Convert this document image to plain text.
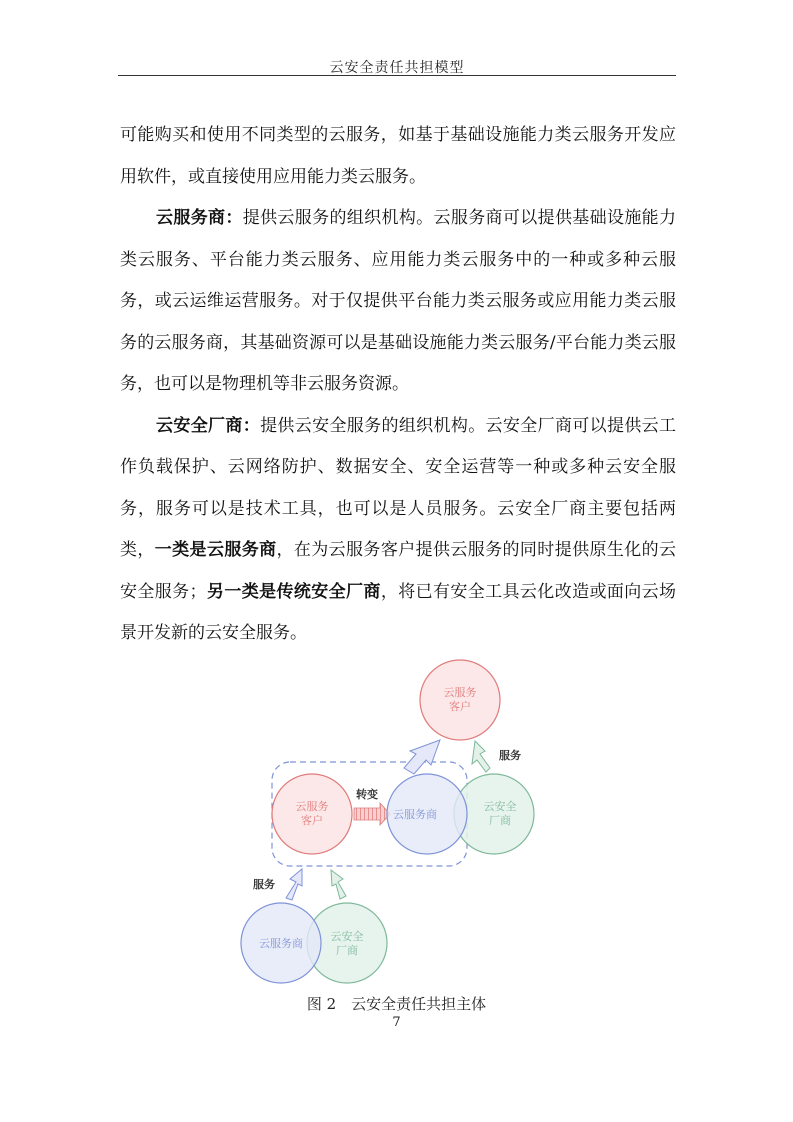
云安全责任共担模型

可能购买和使用不同类型的云服务，如基于基础设施能力类云服务开发应用软件，或直接使用应用能力类云服务。

云服务商：提供云服务的组织机构。云服务商可以提供基础设施能力类云服务、平台能力类云服务、应用能力类云服务中的一种或多种云服务，或云运维运营服务。对于仅提供平台能力类云服务或应用能力类云服务的云服务商，其基础资源可以是基础设施能力类云服务/平台能力类云服务，也可以是物理机等非云服务资源。

云安全厂商：提供云安全服务的组织机构。云安全厂商可以提供云工作负载保护、云网络防护、数据安全、安全运营等一种或多种云安全服务，服务可以是技术工具，也可以是人员服务。云安全厂商主要包括两类，一类是云服务商，在为云服务客户提供云服务的同时提供原生化的云安全服务；另一类是传统安全厂商，将已有安全工具云化改造或面向云场景开发新的云安全服务。

云服务
客户
云服务
客户
转变
云安全
厂商
云服务商
服务
云安全
厂商
云服务商
服务
图 2　云安全责任共担主体
7
